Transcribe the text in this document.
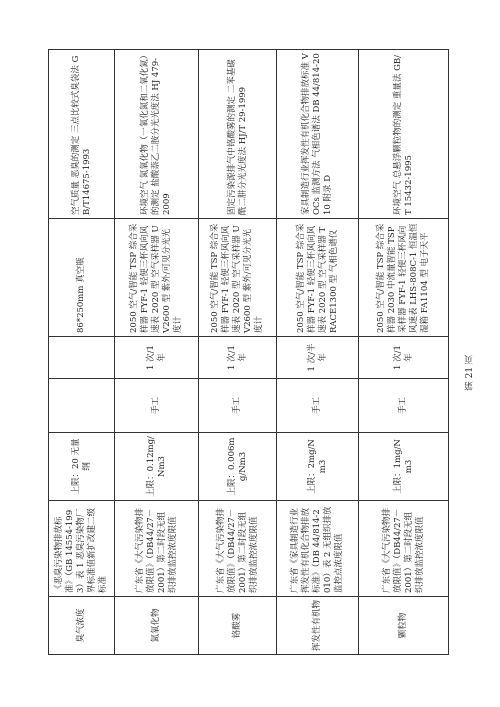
臭气浓度	《恶臭污染物排放标准》（GB 14554-1993）表 1 恶臭污染物厂界标准值新扩改建二级标准	上限：20 无量纲			86*250mm 真空瓶	空气质量 恶臭的测定 三点比较式臭袋法 GB/T14675-1993
氮氧化物	广东省《大气污染物排放限值》（DB44/27－2001）第二时段无组织排放监控浓度限值	上限：0.12mg/Nm3	手工	1 次/1 年	2050 空气/智能 TSP 综合采样器 FYF-1 轻便三杯风向风速表 2020 型 空气采样器 UV2600 型 紫外/可见分光光度计	环境空气 氮氧化物（一氧化氮和二氧化氮）的测定 盐酸萘乙二胺分光光度法 HJ 479-2009
铬酸雾	广东省《大气污染物排放限值》（DB44/27－2001）第二时段无组织排放监控浓度限值	上限：0.006mg/Nm3	手工	1 次/1 年	2050 空气/智能 TSP 综合采样器 FYF-1 轻便三杯风向风速表 2020 型 空气采样器 UV2600 型 紫外/可见分光光度计	固定污染源排气中铬酸雾的测定 二苯基碳酰二肼分光光度法 HJ/T 29-1999
挥发性有机物	广东省《家具制造行业挥发性有机化合物排放标准》（DB 44/814-2010）表 2 无组织排放监控点浓度限值	上限：2mg/Nm3	手工	1 次/半年	2050 空气/智能 TSP 综合采样器 FYF-1 轻便三杯风向风速表 2020 型 空气采样器 TRACE1300 型 气相色谱仪	家具制造行业挥发性有机化合物排放标准 VOCs 监测方法 气相色谱法 DB 44/814-2010 附录 D
颗粒物	广东省《大气污染物排放限值》（DB44/27－2001）第二时段无组织排放监控浓度限值	上限：1mg/Nm3	手工	1 次/1 年	2050 空气/智能 TSP 综合采样器 2030 中流量智能 TSP 采样器 FYF-1 轻便三杯风向风速表 LHS-808C-1 恒温恒湿箱 FA1104 型 电子天平	环境空气 总悬浮颗粒物的测定 重量法 GB/T 15432-1995
第 21 页
